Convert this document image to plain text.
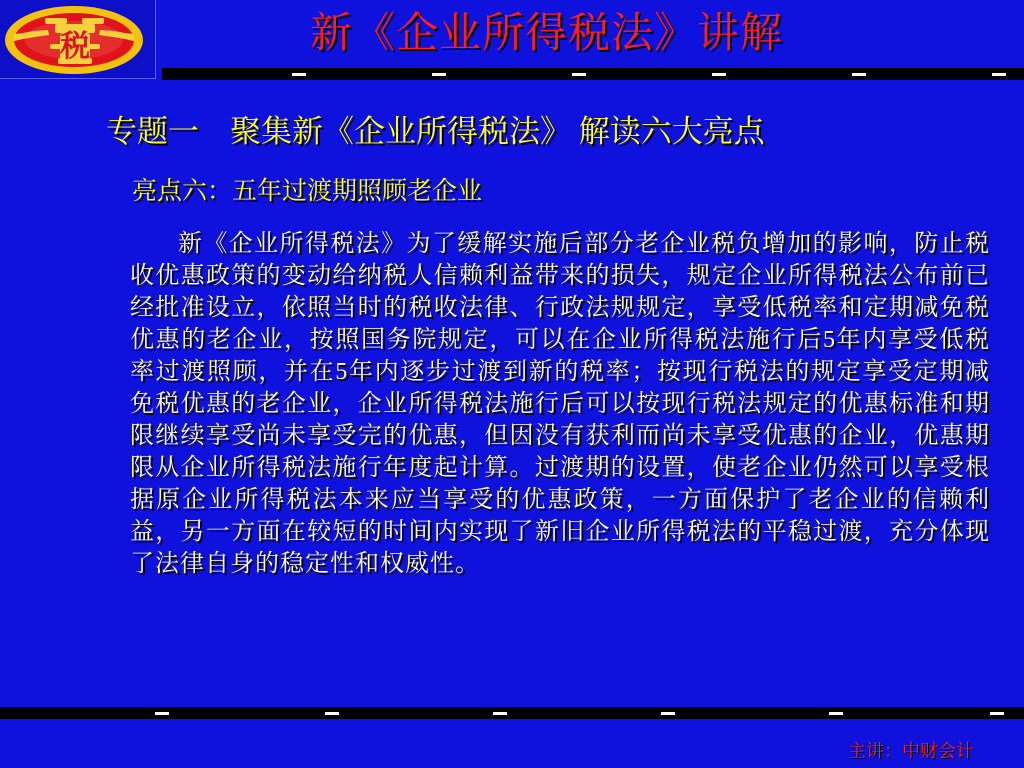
税	新《企业所得税法》讲解
专题一　聚集新《企业所得税法》 解读六大亮点
亮点六：五年过渡期照顾老企业

新《企业所得税法》为了缓解实施后部分老企业税负增加的影响，防止税收优惠政策的变动给纳税人信赖利益带来的损失，规定企业所得税法公布前已经批准设立，依照当时的税收法律、行政法规规定，享受低税率和定期减免税优惠的老企业，按照国务院规定，可以在企业所得税法施行后5年内享受低税率过渡照顾，并在5年内逐步过渡到新的税率；按现行税法的规定享受定期减免税优惠的老企业，企业所得税法施行后可以按现行税法规定的优惠标准和期限继续享受尚未享受完的优惠，但因没有获利而尚未享受优惠的企业，优惠期限从企业所得税法施行年度起计算。过渡期的设置，使老企业仍然可以享受根据原企业所得税法本来应当享受的优惠政策，一方面保护了老企业的信赖利益，另一方面在较短的时间内实现了新旧企业所得税法的平稳过渡，充分体现了法律自身的稳定性和权威性。

主讲：中财会计
